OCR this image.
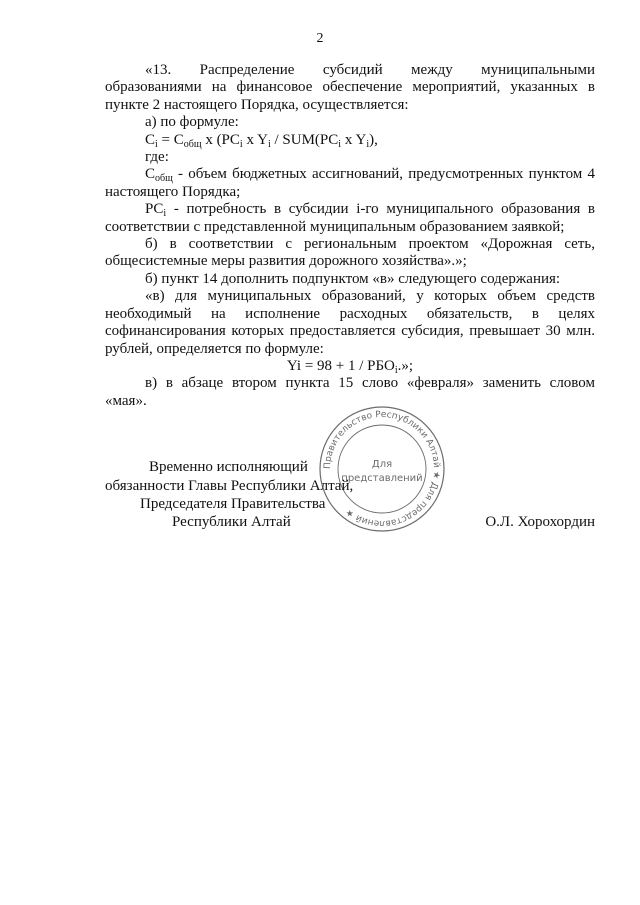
2

«13. Распределение субсидий между муниципальными образованиями на финансовое обеспечение мероприятий, указанных в пункте 2 настоящего Порядка, осуществляется:

а) по формуле:

$C_i = C_{общ}$ x ($PC_i$ x $Y_i / SUM(PC_i$ x $Y_i$),

где:

$C_{общ}$ - объем бюджетных ассигнований, предусмотренных пунктом 4 настоящего Порядка;

$PC_i$ - потребность в субсидии i-го муниципального образования в соответствии с представленной муниципальным образованием заявкой;

б) в соответствии с региональным проектом «Дорожная сеть, общесистемные меры развития дорожного хозяйства».»;

б) пункт 14 дополнить подпунктом «в» следующего содержания:

«в) для муниципальных образований, у которых объем средств необходимый на исполнение расходных обязательств, в целях софинансирования которых предоставляется субсидия, превышает 30 млн. рублей, определяется по формуле:

$Yi = 98 + 1 / РБО_i$.»;

в) в абзаце втором пункта 15 слово «февраля» заменить словом «мая».

Правительство Республики Алтай ★ Для представлений ★
Для
представлений
Временно исполняющий
обязанности Главы Республики Алтай,
Председателя Правительства
Республики Алтай	О.Л. Хорохордин
